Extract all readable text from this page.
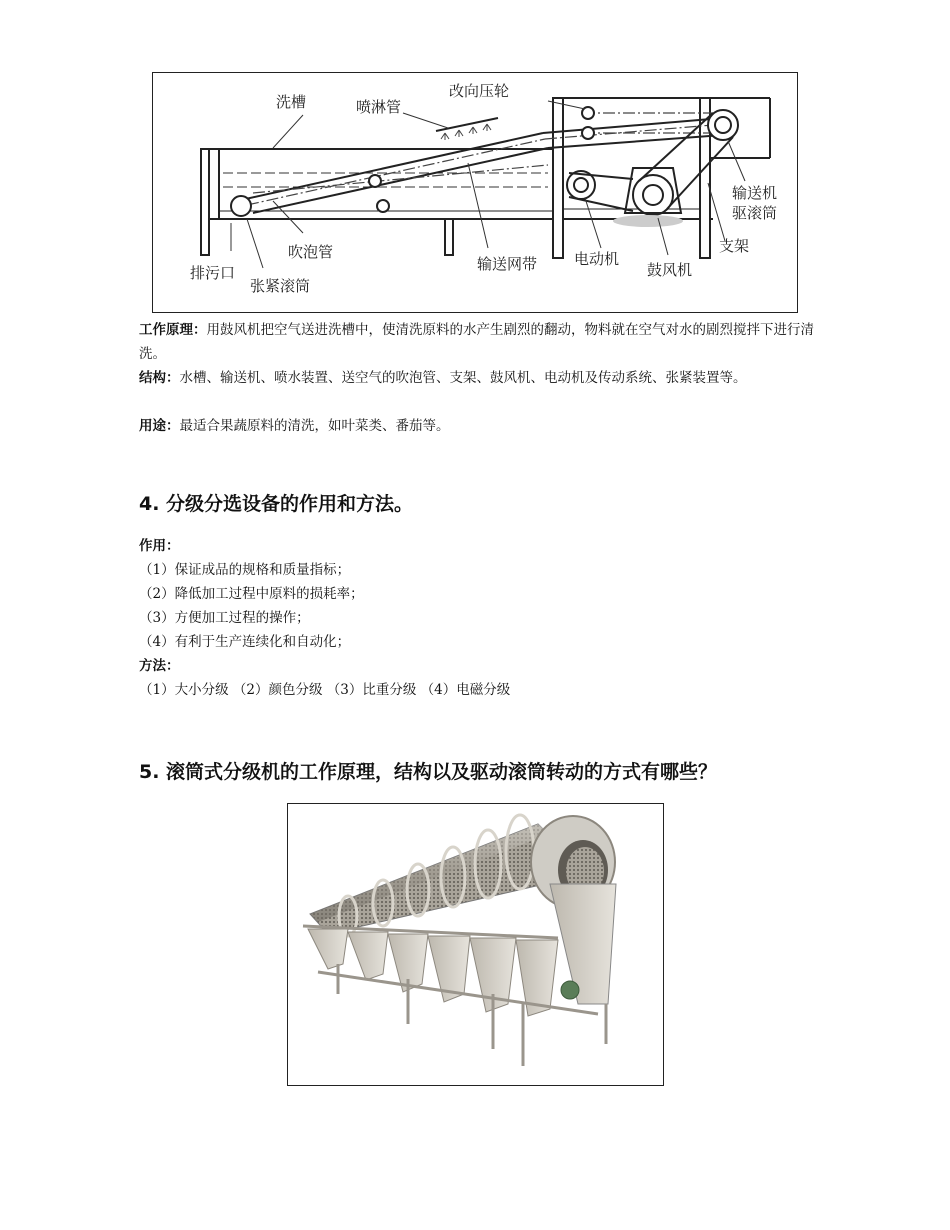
洗槽	喷淋管
改向压轮
输送机
驱滚筒
吹泡管
排污口
张紧滚筒
输送网带 电动机
鼓风机
支架
工作原理：用鼓风机把空气送进洗槽中，使清洗原料的水产生剧烈的翻动，物料就在空气对水的剧烈搅拌下进行清洗。
结构：水槽、输送机、喷水装置、送空气的吹泡管、支架、鼓风机、电动机及传动系统、张紧装置等。
用途：最适合果蔬原料的清洗，如叶菜类、番茄等。
4. 分级分选设备的作用和方法。
作用：
（1）保证成品的规格和质量指标；
（2）降低加工过程中原料的损耗率；
（3）方便加工过程的操作；
（4）有利于生产连续化和自动化；
方法：
（1）大小分级 （2）颜色分级 （3）比重分级 （4）电磁分级
5. 滚筒式分级机的工作原理，结构以及驱动滚筒转动的方式有哪些？
